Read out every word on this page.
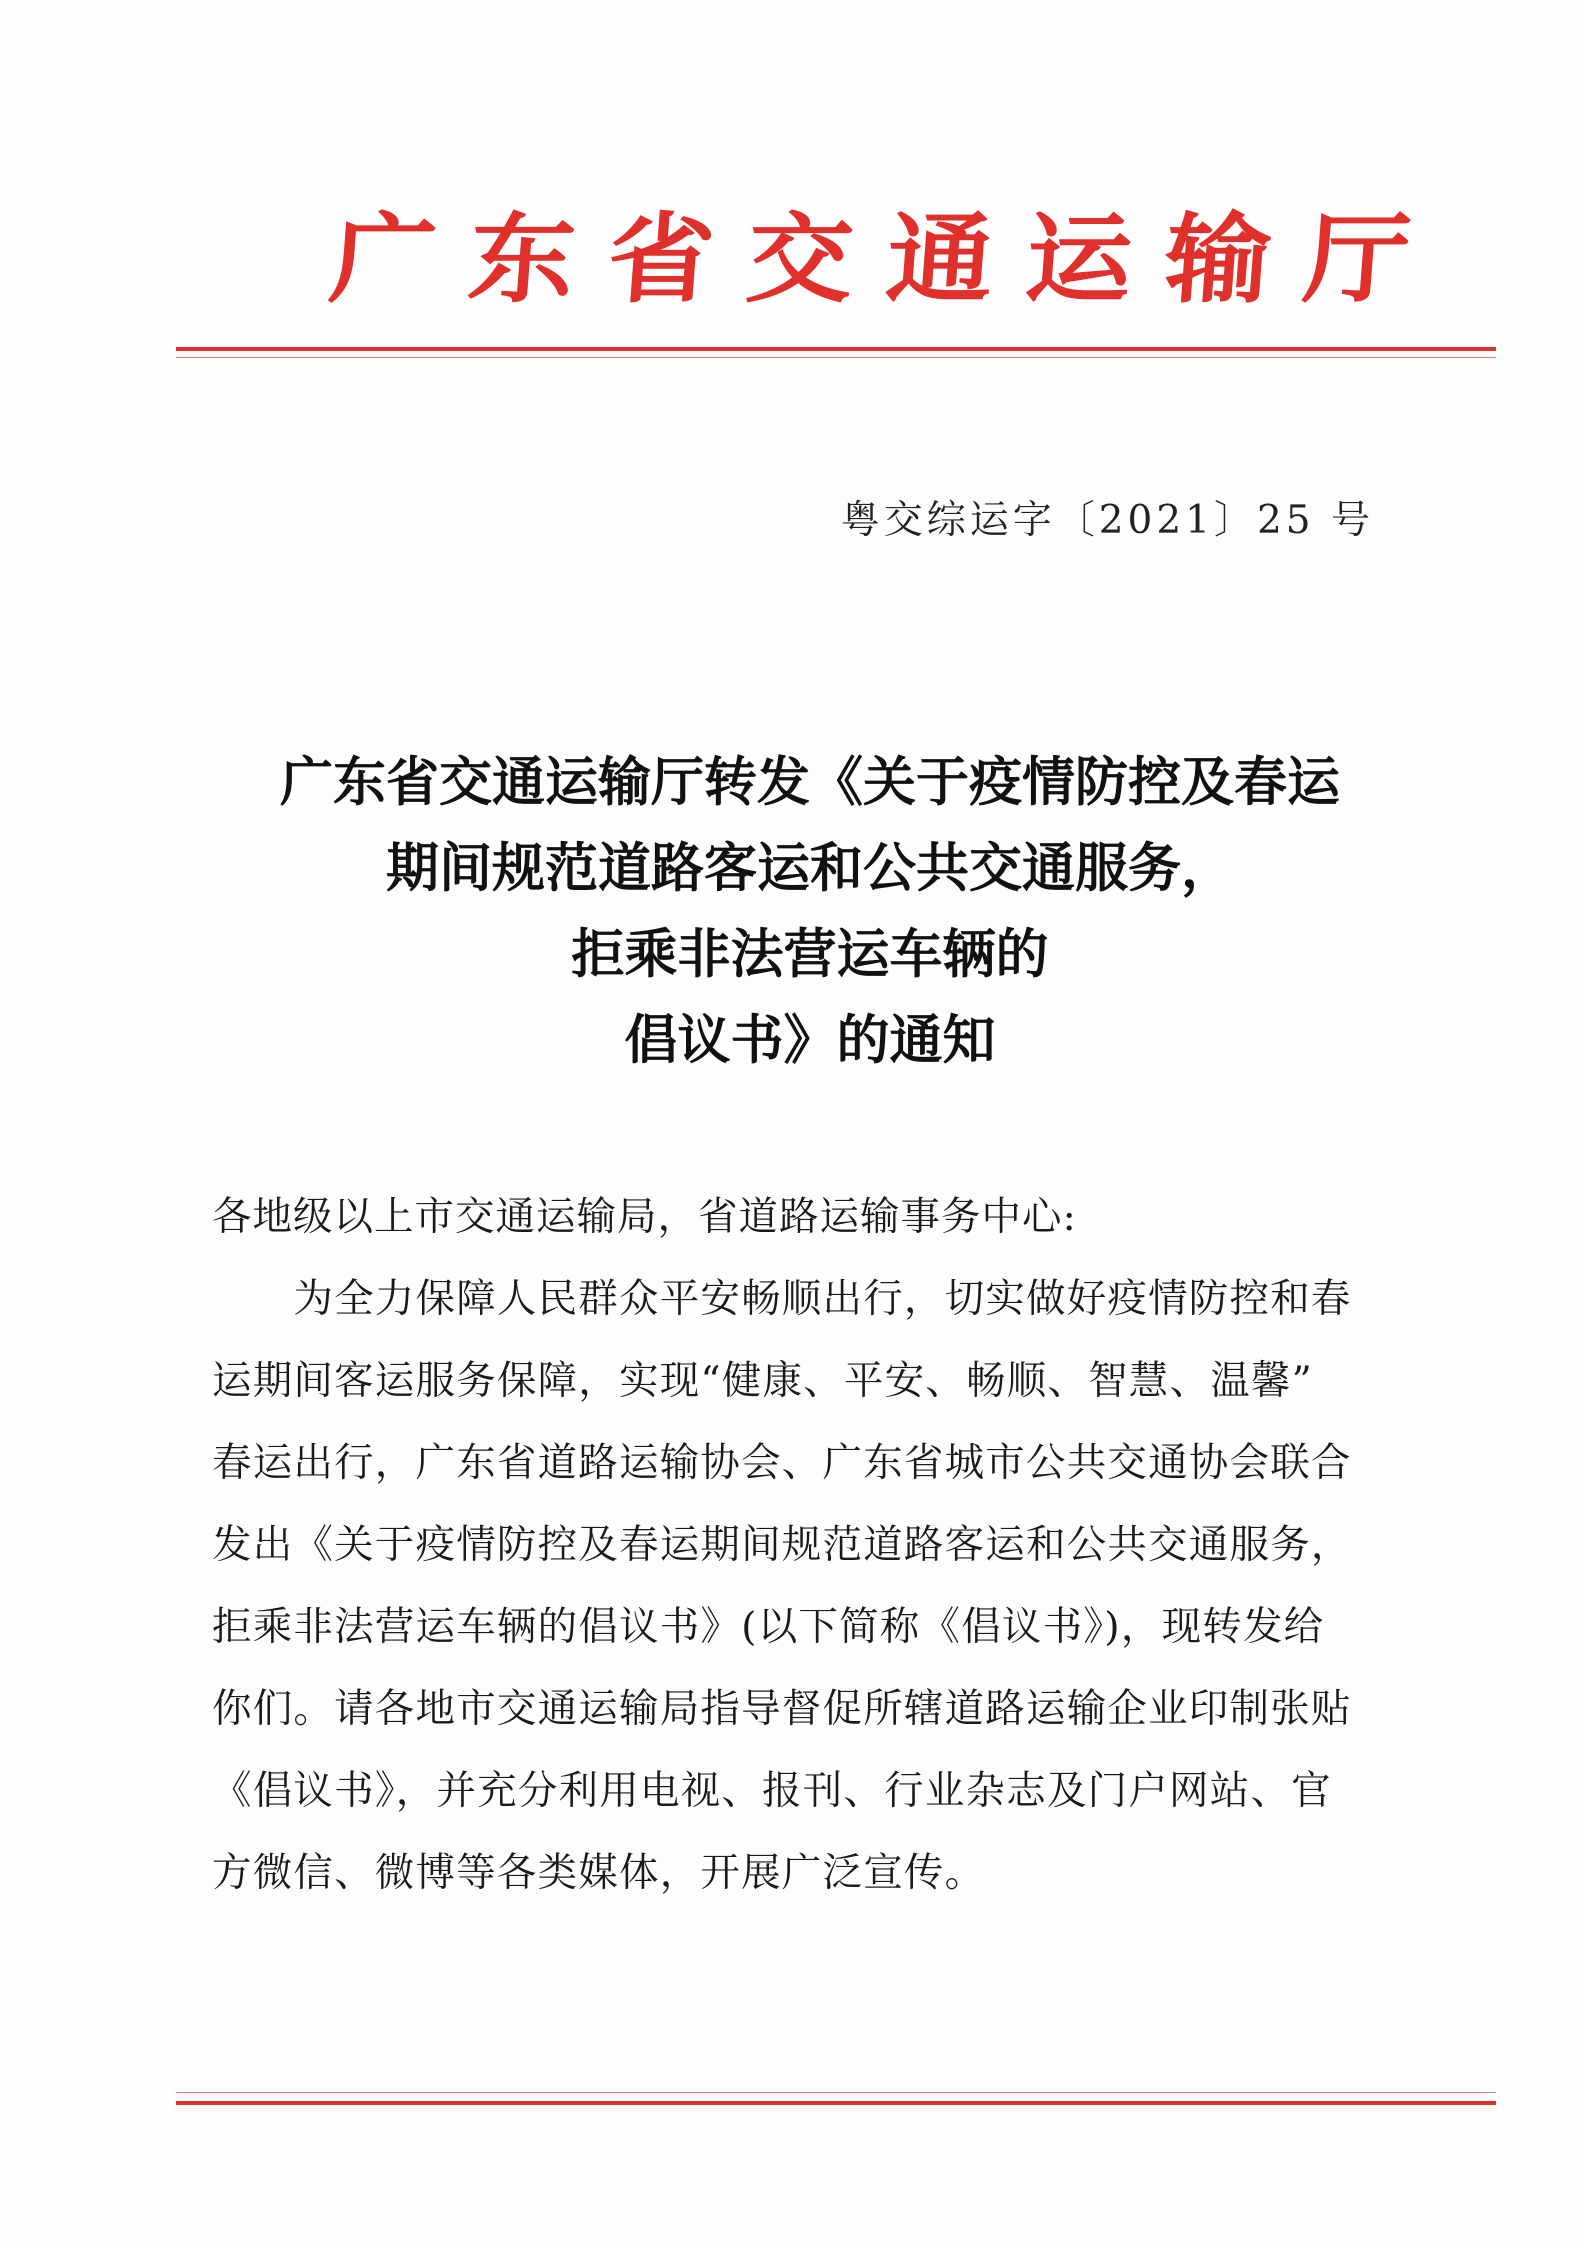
广 东 省 交 通 运 输 厅
粤交综运字〔2021〕25 号
广东省交通运输厅转发《关于疫情防控及春运
期间规范道路客运和公共交通服务，
拒乘非法营运车辆的
倡议书》的通知

各地级以上市交通运输局，省道路运输事务中心:

　　为全力保障人民群众平安畅顺出行，切实做好疫情防控和春
运期间客运服务保障，实现“健康、平安、畅顺、智慧、温馨”
春运出行，广东省道路运输协会、广东省城市公共交通协会联合
发出《关于疫情防控及春运期间规范道路客运和公共交通服务，
拒乘非法营运车辆的倡议书》(以下简称《倡议书》)，现转发给
你们。请各地市交通运输局指导督促所辖道路运输企业印制张贴
《倡议书》，并充分利用电视、报刊、行业杂志及门户网站、官
方微信、微博等各类媒体，开展广泛宣传。
